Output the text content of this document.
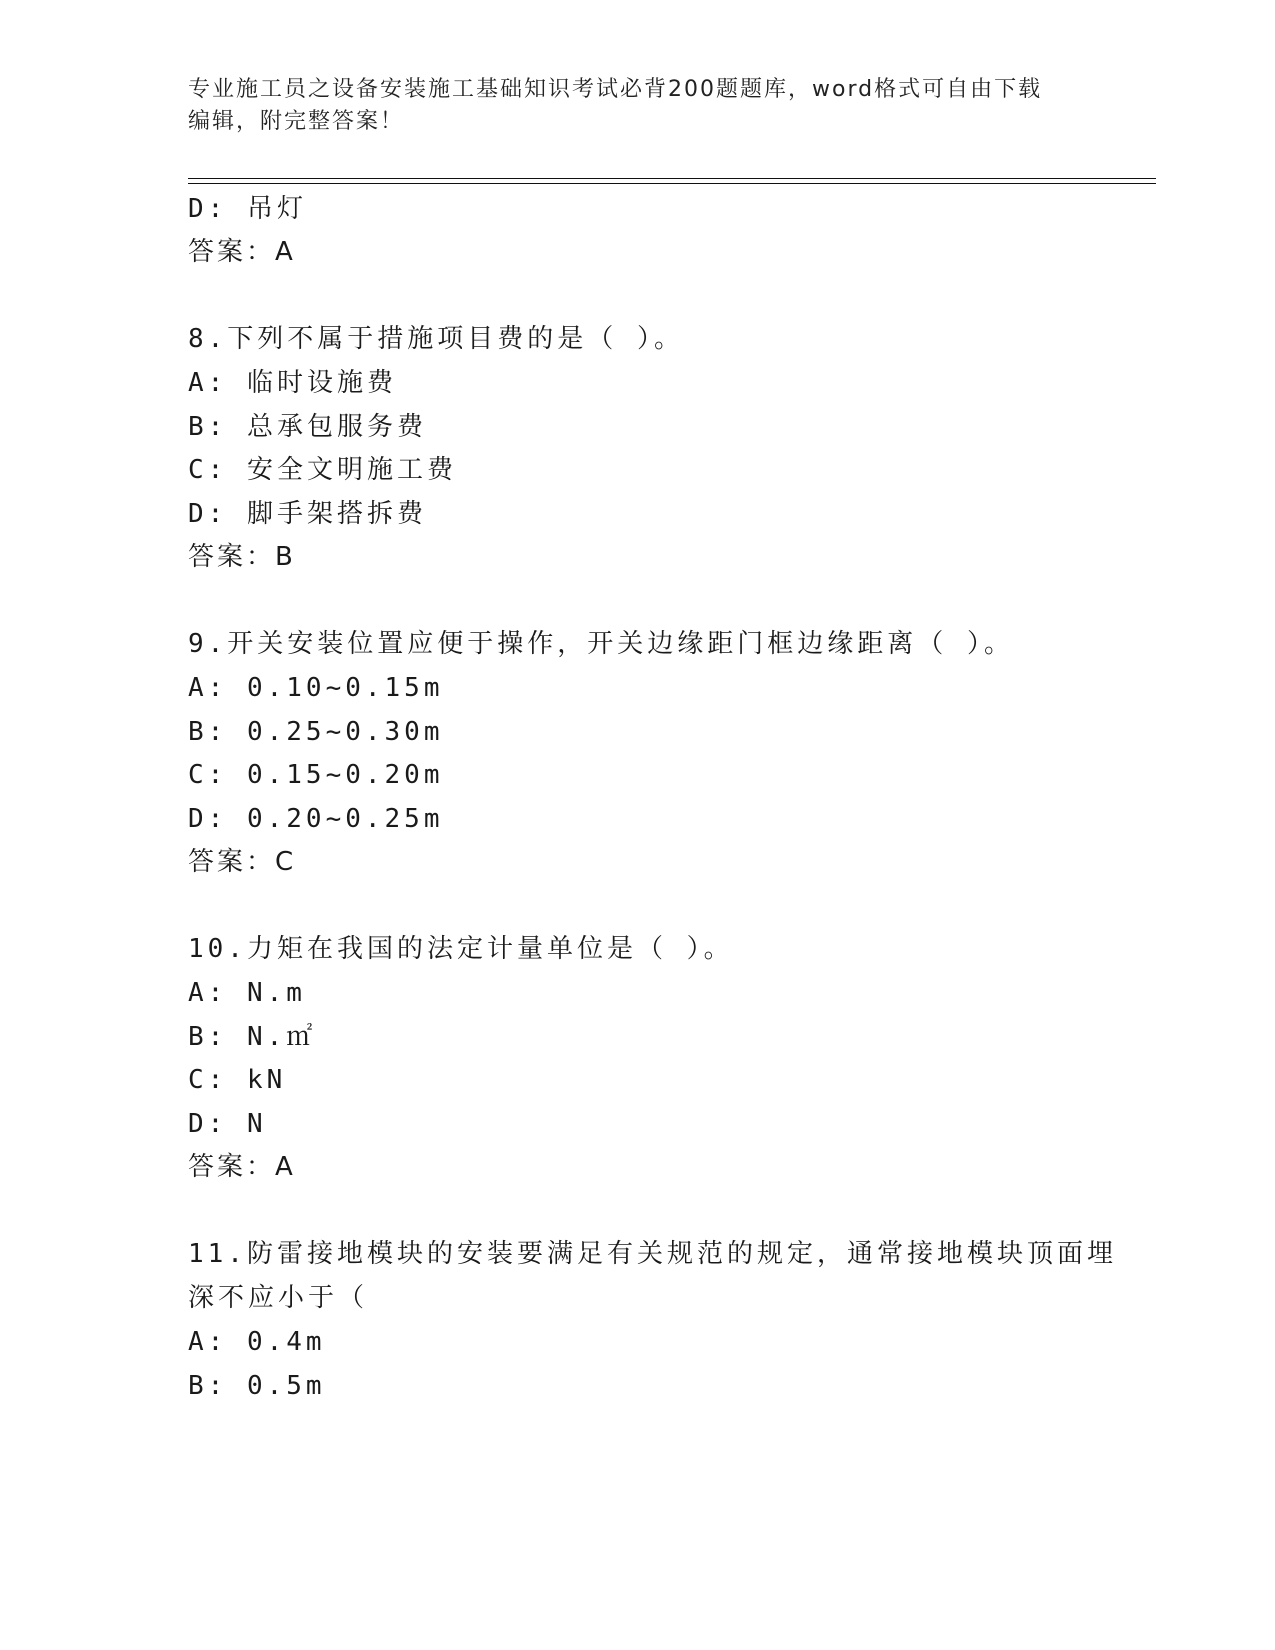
专业施工员之设备安装施工基础知识考试必背200题题库，word格式可自由下载
编辑，附完整答案！
D: 吊灯
答案：A
8.下列不属于措施项目费的是（ ）。
A: 临时设施费
B: 总承包服务费
C: 安全文明施工费
D: 脚手架搭拆费
答案：B
9.开关安装位置应便于操作，开关边缘距门框边缘距离（ ）。
A: 0.10~0.15m
B: 0.25~0.30m
C: 0.15~0.20m
D: 0.20~0.25m
答案：C
10.力矩在我国的法定计量单位是（ ）。
A: N.m
B: N.㎡
C: kN
D: N
答案：A
11.防雷接地模块的安装要满足有关规范的规定，通常接地模块顶面埋
深不应小于（
A: 0.4m
B: 0.5m
